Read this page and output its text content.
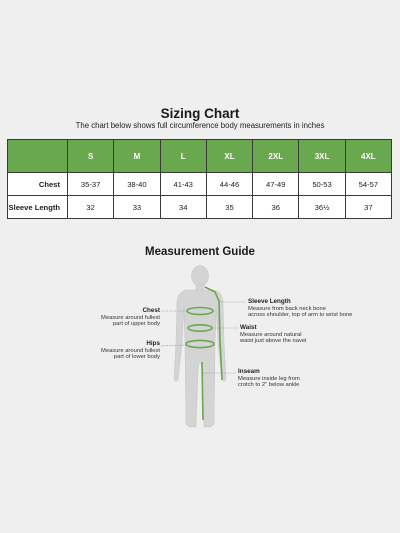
Sizing Chart
The chart below shows full circumference body measurements in inches
	S	M	L	XL	2XL	3XL	4XL
Chest	35-37	38-40	41-43	44-46	47-49	50-53	54-57
Sleeve Length	32	33	34	35	36	36½	37
Measurement Guide
Chest
Measure around fullest
part of upper body
Hips
Measure around fullest
part of lower body
Sleeve Length
Measure from back neck bone
across shoulder, top of arm to wrist bone
Waist
Measure around natural
waist just above the navel
Inseam
Measure inside leg from
crotch to 2" below ankle
